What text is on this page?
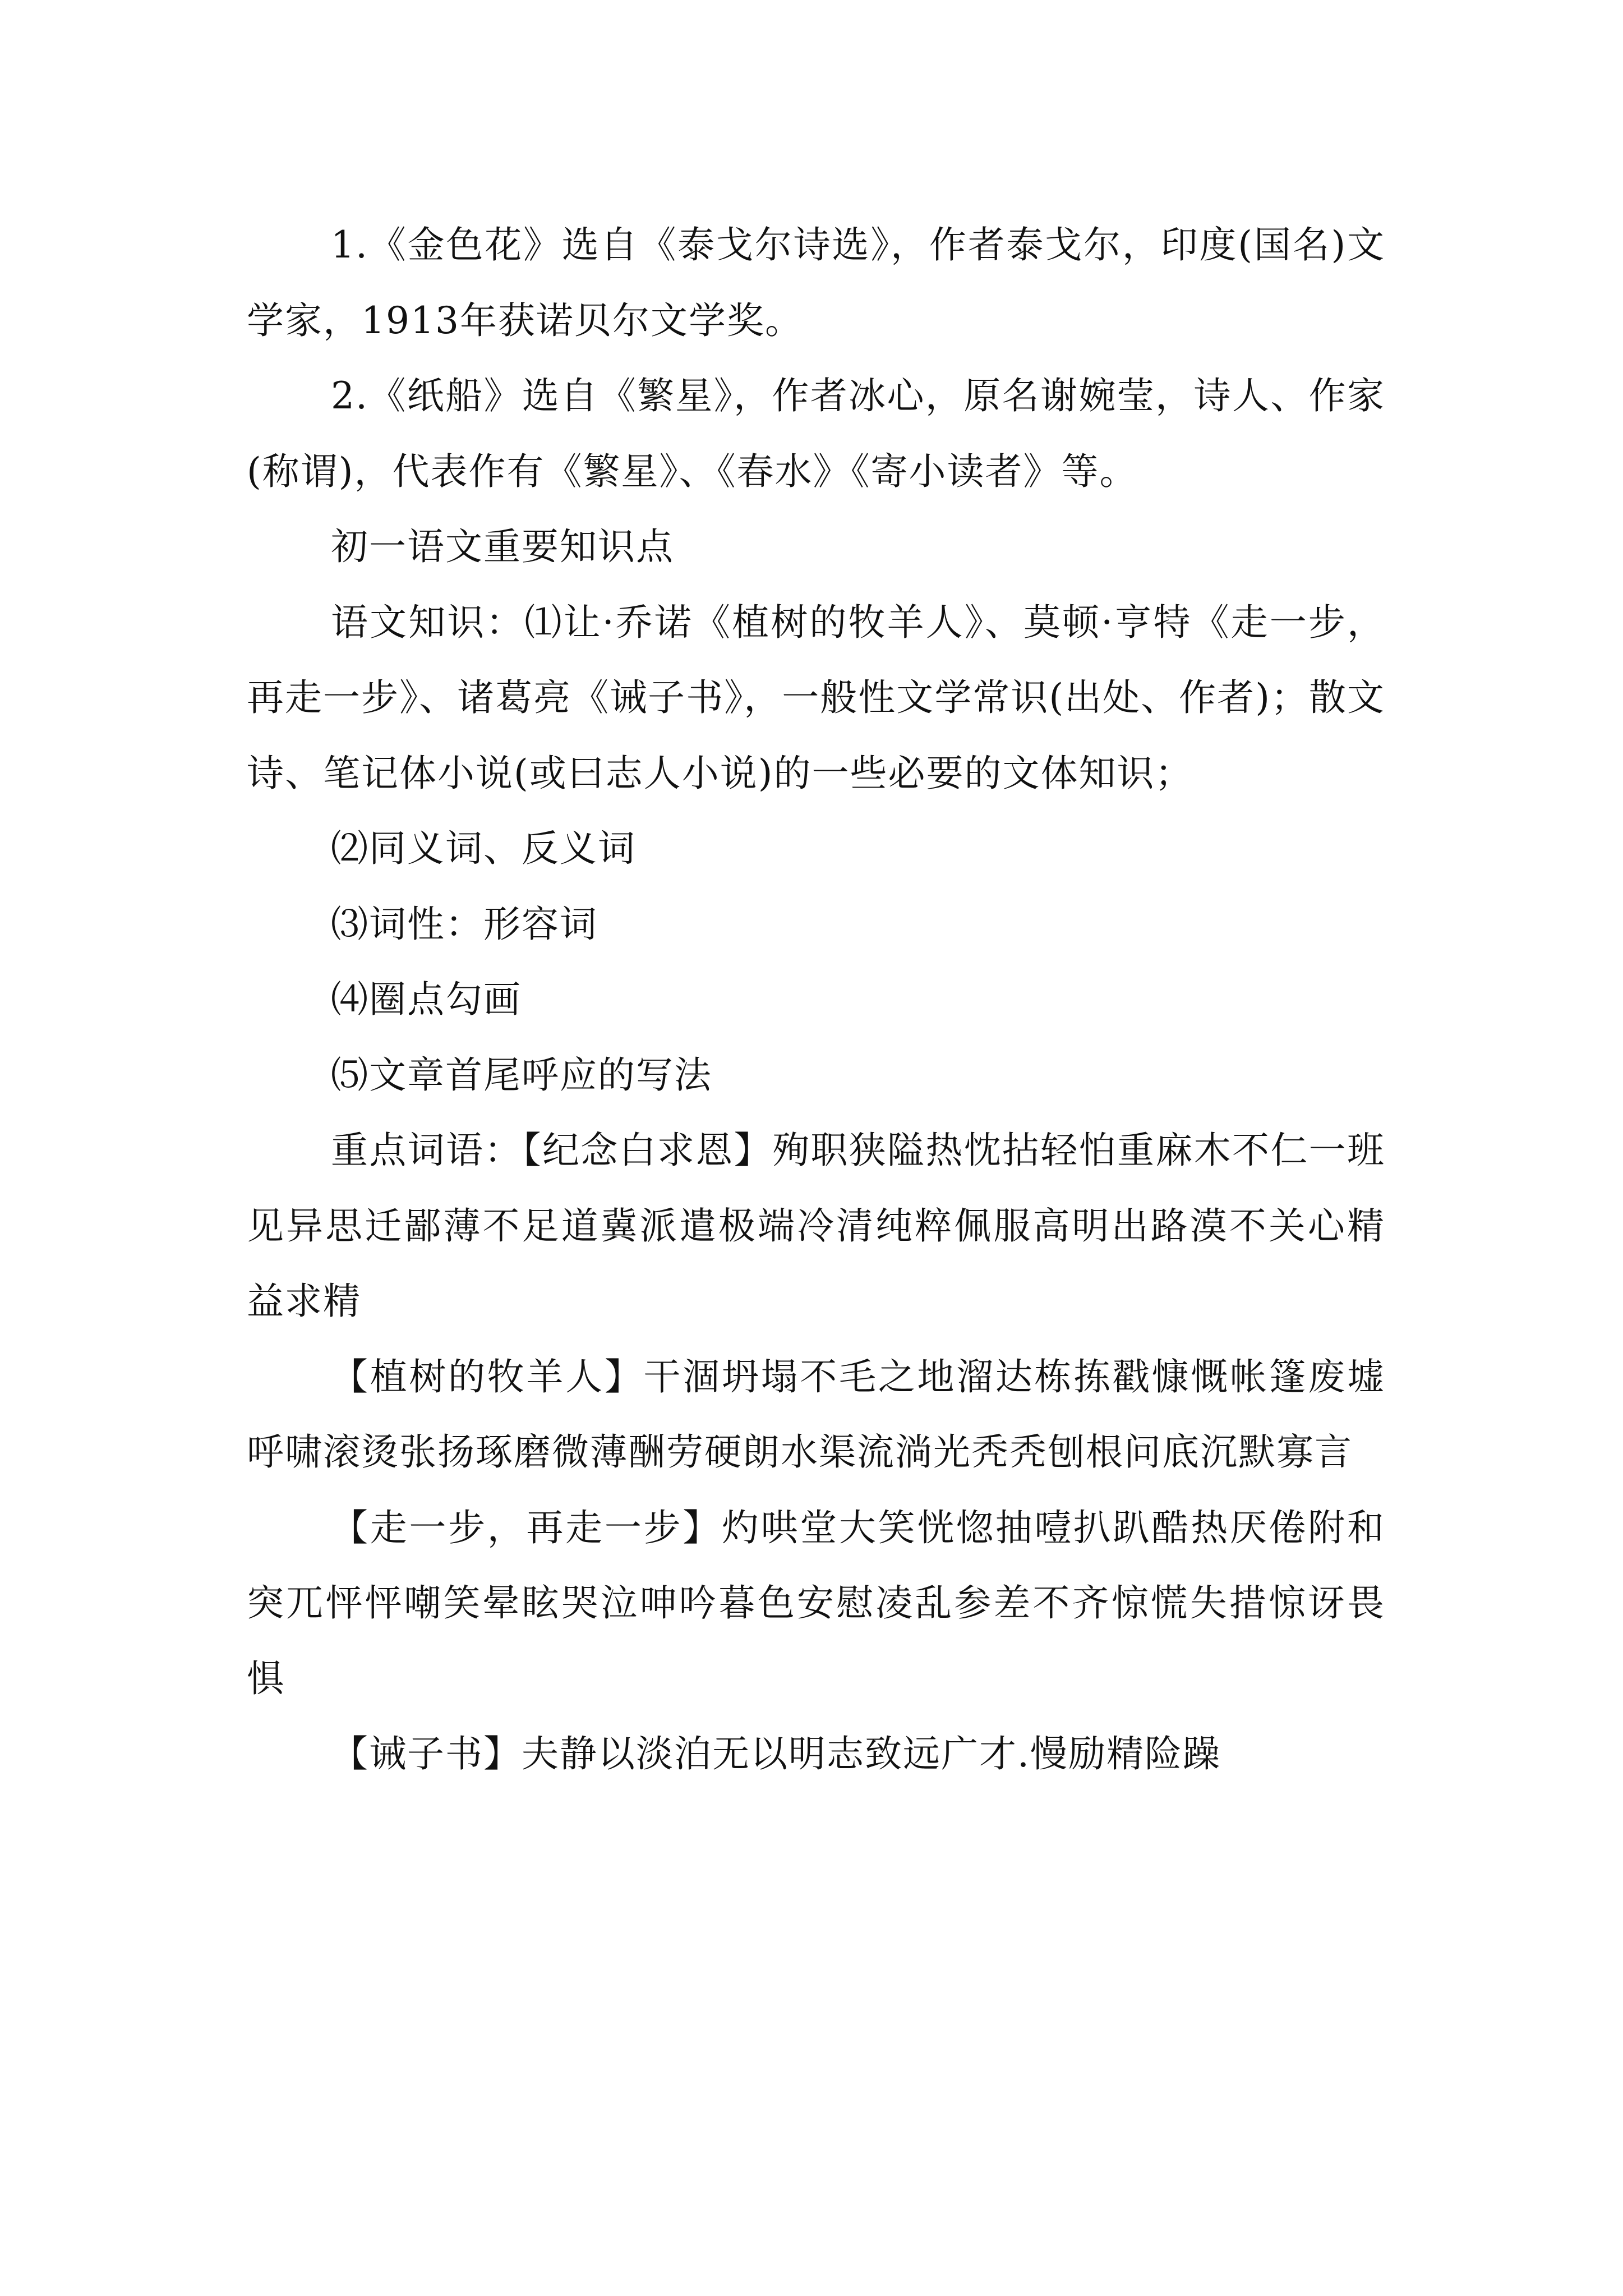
1.《金色花》选自《泰戈尔诗选》，作者泰戈尔，印度(国名)文学家，1913年获诺贝尔文学奖。

2.《纸船》选自《繁星》，作者冰心，原名谢婉莹，诗人、作家(称谓)，代表作有《繁星》、《春水》《寄小读者》等。

初一语文重要知识点

语文知识：⑴让·乔诺《植树的牧羊人》、莫顿·亨特《走一步，再走一步》、诸葛亮《诫子书》，一般性文学常识(出处、作者)；散文诗、笔记体小说(或曰志人小说)的一些必要的文体知识；

⑵同义词、反义词

⑶词性：形容词

⑷圈点勾画

⑸文章首尾呼应的写法

重点词语：【纪念白求恩】殉职狭隘热忱拈轻怕重麻木不仁一班见异思迁鄙薄不足道冀派遣极端冷清纯粹佩服高明出路漠不关心精益求精

【植树的牧羊人】干涸坍塌不毛之地溜达栋拣戳慷慨帐篷废墟呼啸滚烫张扬琢磨微薄酬劳硬朗水渠流淌光秃秃刨根问底沉默寡言

【走一步，再走一步】灼哄堂大笑恍惚抽噎扒趴酷热厌倦附和突兀怦怦嘲笑晕眩哭泣呻吟暮色安慰凌乱参差不齐惊慌失措惊讶畏惧

【诫子书】夫静以淡泊无以明志致远广才.慢励精险躁
